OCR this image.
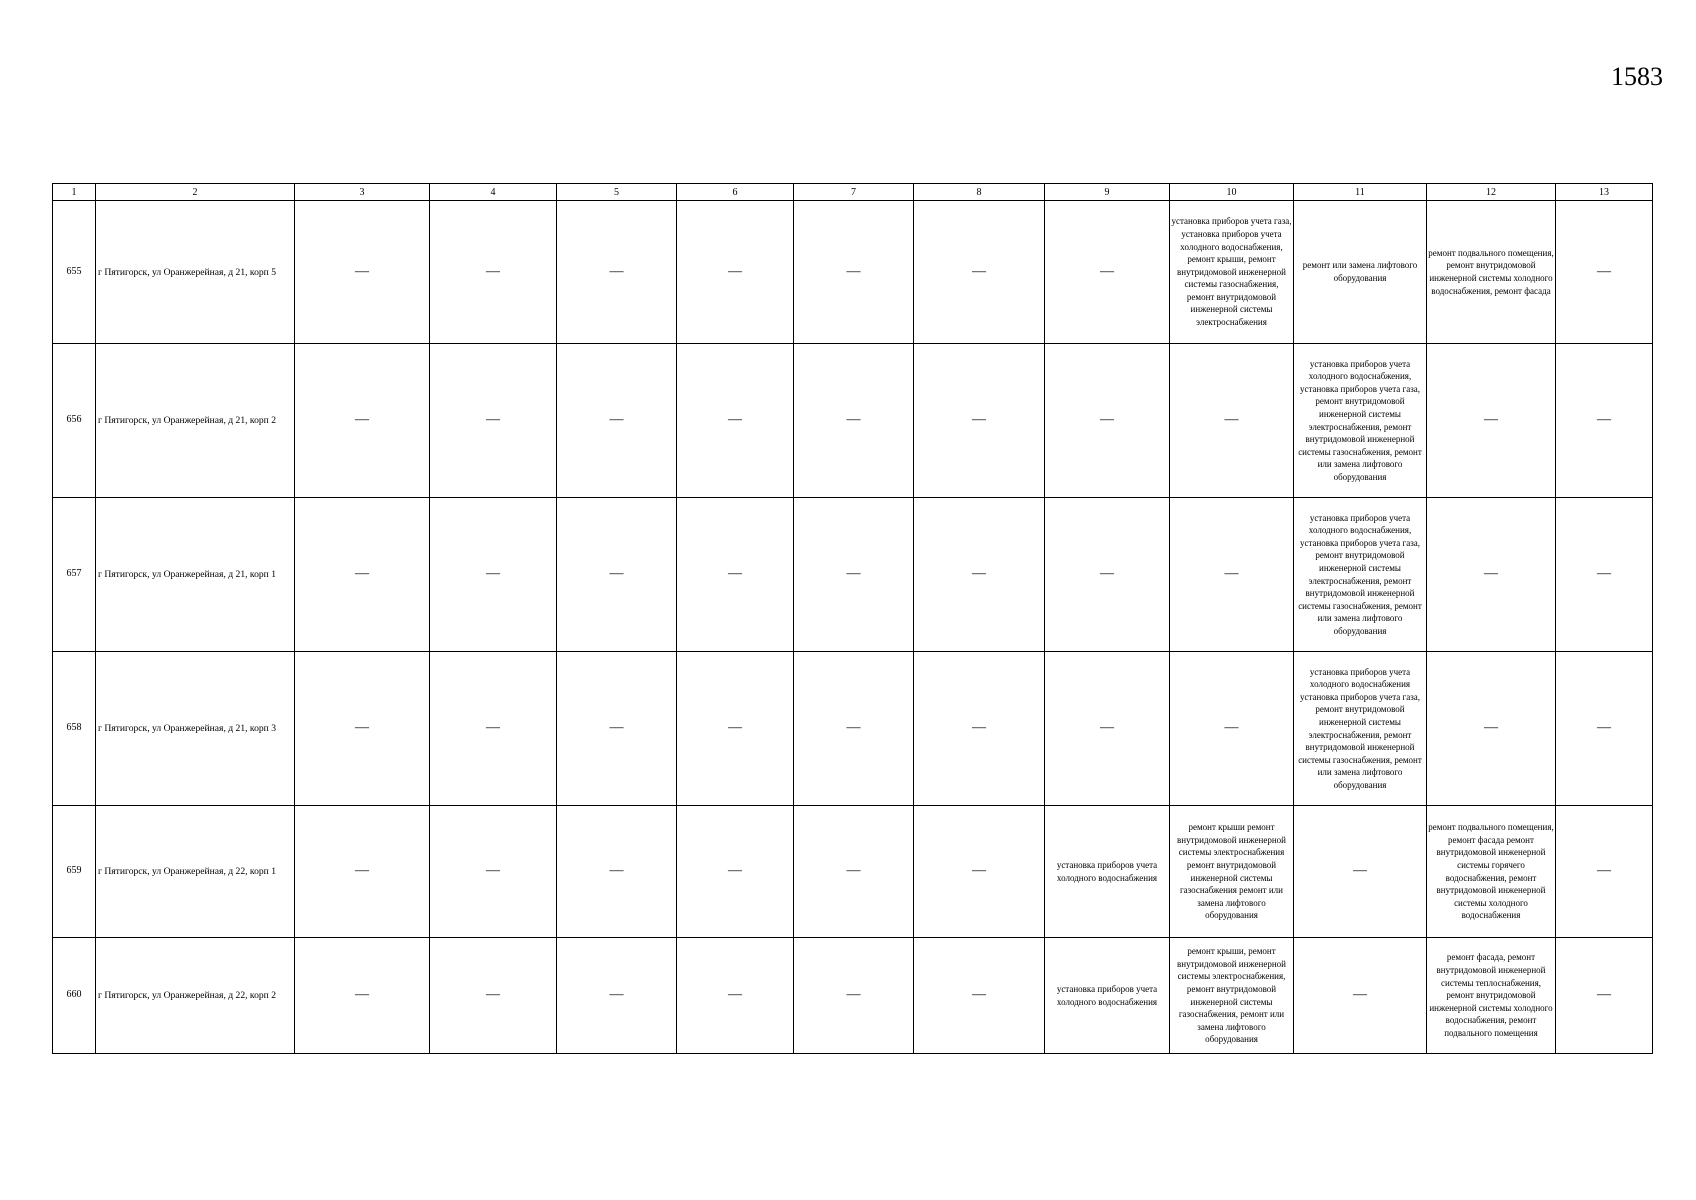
1583
1	2	3	4	5	6	7	8	9	10	11	12	13
655	г Пятигорск, ул Оранжерейная, д 21, корп 5	—	—	—	—	—	—	—	установка приборов учета газа, установка приборов учета холодного водоснабжения, ремонт крыши, ремонт внутридомовой инженерной системы газоснабжения, ремонт внутридомовой инженерной системы электроснабжения	ремонт или замена лифтового оборудования	ремонт подвального помещения, ремонт внутридомовой инженерной системы холодного водоснабжения, ремонт фасада	—
656	г Пятигорск, ул Оранжерейная, д 21, корп 2	—	—	—	—	—	—	—	—	установка приборов учета холодного водоснабжения, установка приборов учета газа, ремонт внутридомовой инженерной системы электроснабжения, ремонт внутридомовой инженерной системы газоснабжения, ремонт или замена лифтового оборудования	—	—
657	г Пятигорск, ул Оранжерейная, д 21, корп 1	—	—	—	—	—	—	—	—	установка приборов учета холодного водоснабжения, установка приборов учета газа, ремонт внутридомовой инженерной системы электроснабжения, ремонт внутридомовой инженерной системы газоснабжения, ремонт или замена лифтового оборудования	—	—
658	г Пятигорск, ул Оранжерейная, д 21, корп 3	—	—	—	—	—	—	—	—	установка приборов учета холодного водоснабжения установка приборов учета газа, ремонт внутридомовой инженерной системы электроснабжения, ремонт внутридомовой инженерной системы газоснабжения, ремонт или замена лифтового оборудования	—	—
659	г Пятигорск, ул Оранжерейная, д 22, корп 1	—	—	—	—	—	—	установка приборов учета холодного водоснабжения	ремонт крыши ремонт внутридомовой инженерной системы электроснабжения ремонт внутридомовой инженерной системы газоснабжения ремонт или замена лифтового оборудования	—	ремонт подвального помещения, ремонт фасада ремонт внутридомовой инженерной системы горячего водоснабжения, ремонт внутридомовой инженерной системы холодного водоснабжения	—
660	г Пятигорск, ул Оранжерейная, д 22, корп 2	—	—	—	—	—	—	установка приборов учета холодного водоснабжения	ремонт крыши, ремонт внутридомовой инженерной системы электроснабжения, ремонт внутридомовой инженерной системы газоснабжения, ремонт или замена лифтового оборудования	—	ремонт фасада, ремонт внутридомовой инженерной системы теплоснабжения, ремонт внутридомовой инженерной системы холодного водоснабжения, ремонт подвального помещения	—
